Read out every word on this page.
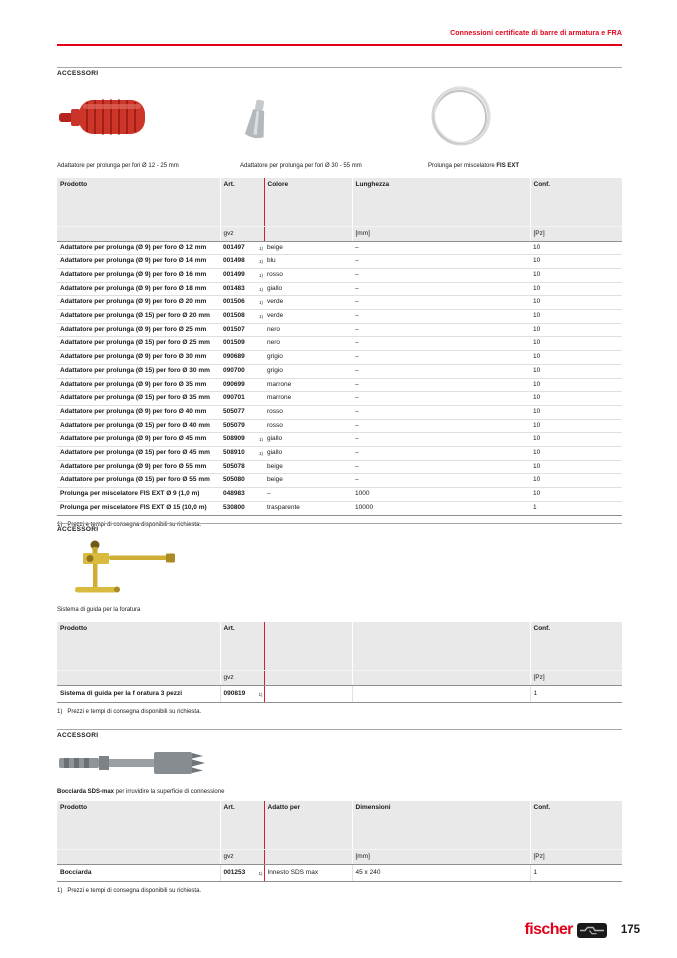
Connessioni certificate di barre di armatura e FRA
ACCESSORI
Adattatore per prolunga per fori Ø 12 - 25 mm	Adattatore per prolunga per fori Ø 30 - 55 mm	Prolunga per miscelatore FIS EXT
Prodotto	Art.	Colore	Lunghezza	Conf.
	gvz		[mm]	[Pz]
Adattatore per prolunga (Ø 9) per foro Ø 12 mm	001497 1)	beige	–	10
Adattatore per prolunga (Ø 9) per foro Ø 14 mm	001498 1)	blu	–	10
Adattatore per prolunga (Ø 9) per foro Ø 16 mm	001499 1)	rosso	–	10
Adattatore per prolunga (Ø 9) per foro Ø 18 mm	001483 1)	giallo	–	10
Adattatore per prolunga (Ø 9) per foro Ø 20 mm	001506 1)	verde	–	10
Adattatore per prolunga (Ø 15) per foro Ø 20 mm	001508 1)	verde	–	10
Adattatore per prolunga (Ø 9) per foro Ø 25 mm	001507	nero	–	10
Adattatore per prolunga (Ø 15) per foro Ø 25 mm	001509	nero	–	10
Adattatore per prolunga (Ø 9) per foro Ø 30 mm	090689	grigio	–	10
Adattatore per prolunga (Ø 15) per foro Ø 30 mm	090700	grigio	–	10
Adattatore per prolunga (Ø 9) per foro Ø 35 mm	090699	marrone	–	10
Adattatore per prolunga (Ø 15) per foro Ø 35 mm	090701	marrone	–	10
Adattatore per prolunga (Ø 9) per foro Ø 40 mm	505077	rosso	–	10
Adattatore per prolunga (Ø 15) per foro Ø 40 mm	505079	rosso	–	10
Adattatore per prolunga (Ø 9) per foro Ø 45 mm	508909 1)	giallo	–	10
Adattatore per prolunga (Ø 15) per foro Ø 45 mm	508910 1)	giallo	–	10
Adattatore per prolunga (Ø 9) per foro Ø 55 mm	505078	beige	–	10
Adattatore per prolunga (Ø 15) per foro Ø 55 mm	505080	beige	–	10
Prolunga per miscelatore FIS EXT Ø 9 (1,0 m)	048983	–	1000	10
Prolunga per miscelatore FIS EXT Ø 15 (10,0 m)	530800	trasparente	10000	1
1) Prezzi e tempi di consegna disponibili su richiesta.
ACCESSORI
Sistema di guida per la foratura
Prodotto	Art.			Conf.
	gvz			[Pz]
Sistema di guida per la f oratura 3 pezzi	090819 1)			1
1) Prezzi e tempi di consegna disponibili su richiesta.
ACCESSORI
Bocciarda SDS-max per irruvidire la superficie di connessione
Prodotto	Art.	Adatto per	Dimensioni	Conf.
	gvz		[mm]	[Pz]
Bocciarda	001253 1)	Innesto SDS max	45 x 240	1
1) Prezzi e tempi di consegna disponibili su richiesta.
fischer	175
